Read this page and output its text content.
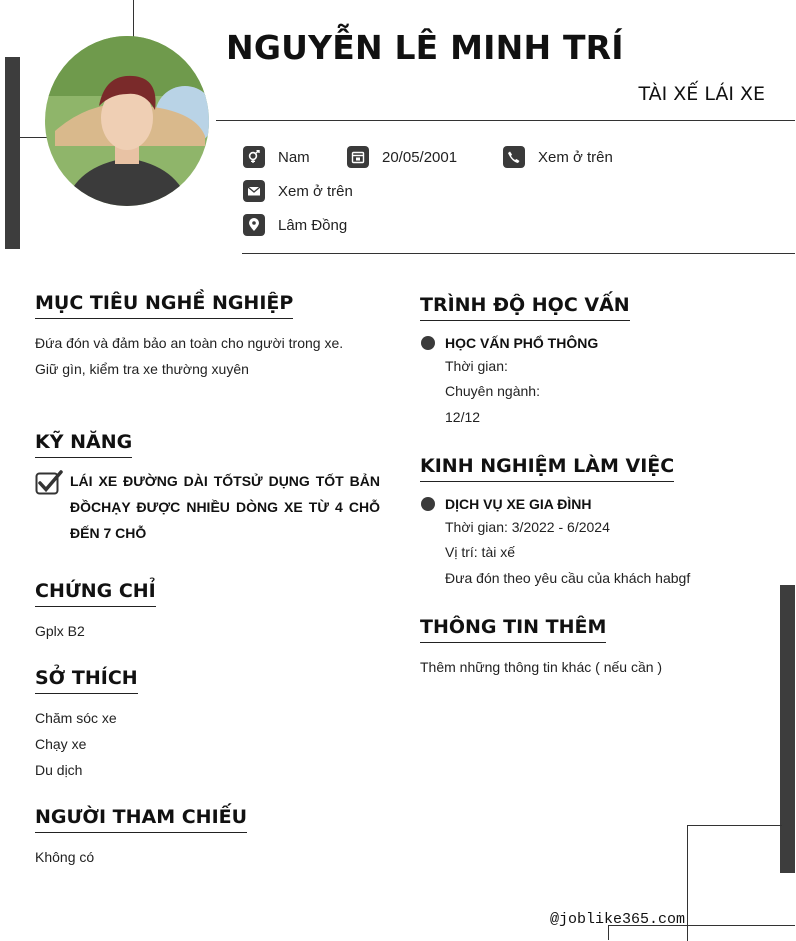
NGUYỄN LÊ MINH TRÍ
TÀI XẾ LÁI XE
Nam	20/05/2001	Xem ở trên
Xem ở trên
Lâm Đồng
MỤC TIÊU NGHỀ NGHIỆP
Đứa đón và đảm bảo an toàn cho người trong xe.
Giữ gìn, kiểm tra xe thường xuyên
KỸ NĂNG
LÁI XE ĐƯỜNG DÀI TỐTSỬ DỤNG TỐT BẢN ĐỒCHẠY ĐƯỢC NHIỀU DÒNG XE TỪ 4 CHỖ ĐẾN 7 CHỖ
CHỨNG CHỈ
Gplx B2
SỞ THÍCH
Chăm sóc xe
Chạy xe
Du dịch
NGƯỜI THAM CHIẾU
Không có
TRÌNH ĐỘ HỌC VẤN
HỌC VẤN PHỔ THÔNG
Thời gian:
Chuyên ngành:
12/12
KINH NGHIỆM LÀM VIỆC
DỊCH VỤ XE GIA ĐÌNH
Thời gian: 3/2022 - 6/2024
Vị trí: tài xế
Đưa đón theo yêu cầu của khách habgf
THÔNG TIN THÊM
Thêm những thông tin khác ( nếu cần )
@joblike365.com
